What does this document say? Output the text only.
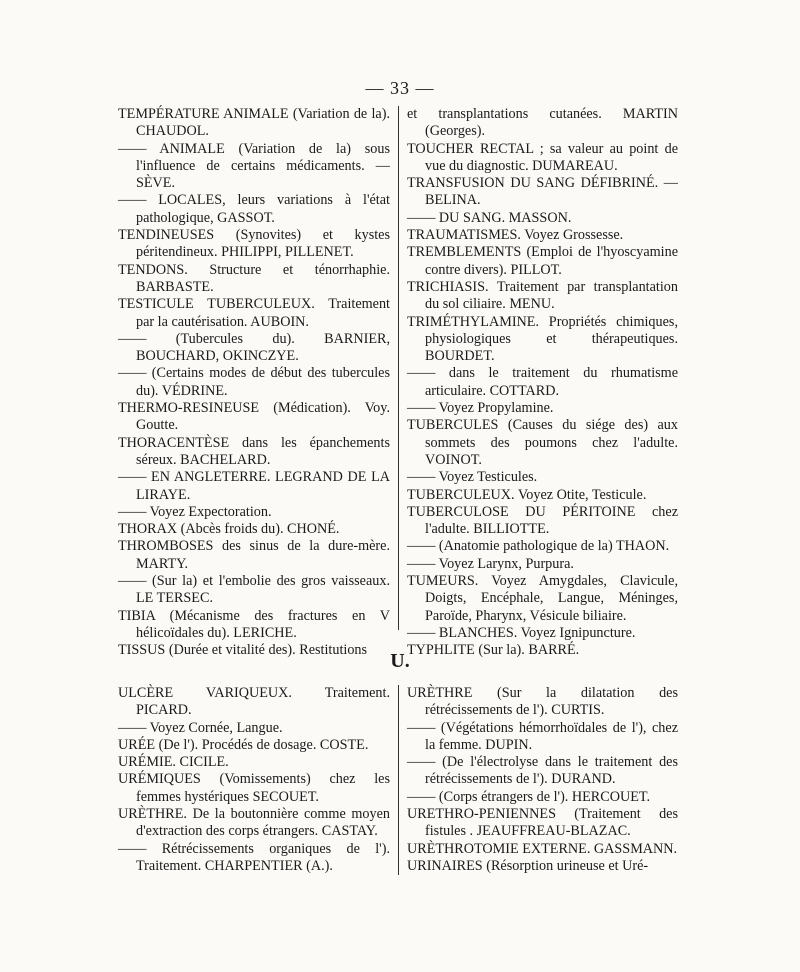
— 33 —

TEMPÉRATURE ANIMALE (Variation de la). CHAUDOL.

—— ANIMALE (Variation de la) sous l'influence de certains médicaments. — SÈVE.

—— LOCALES, leurs variations à l'état pathologique, GASSOT.

TENDINEUSES (Synovites) et kystes péritendineux. PHILIPPI, PILLENET.

TENDONS. Structure et ténorrhaphie. BARBASTE.

TESTICULE TUBERCULEUX. Traitement par la cautérisation. AUBOIN.

—— (Tubercules du). BARNIER, BOUCHARD, OKINCZYE.

—— (Certains modes de début des tubercules du). VÉDRINE.

THERMO-RESINEUSE (Médication). Voy. Goutte.

THORACENTÈSE dans les épanchements séreux. BACHELARD.

—— EN ANGLETERRE. LEGRAND DE LA LIRAYE.

—— Voyez Expectoration.

THORAX (Abcès froids du). CHONÉ.

THROMBOSES des sinus de la dure-mère. MARTY.

—— (Sur la) et l'embolie des gros vaisseaux. LE TERSEC.

TIBIA (Mécanisme des fractures en V hélicoïdales du). LERICHE.

TISSUS (Durée et vitalité des). Restitutions

et transplantations cutanées. MARTIN (Georges).

TOUCHER RECTAL ; sa valeur au point de vue du diagnostic. DUMAREAU.

TRANSFUSION DU SANG DÉFIBRINÉ. — BELINA.

—— DU SANG. MASSON.

TRAUMATISMES. Voyez Grossesse.

TREMBLEMENTS (Emploi de l'hyoscyamine contre divers). PILLOT.

TRICHIASIS. Traitement par transplantation du sol ciliaire. MENU.

TRIMÉTHYLAMINE. Propriétés chimiques, physiologiques et thérapeutiques. BOURDET.

—— dans le traitement du rhumatisme articulaire. COTTARD.

—— Voyez Propylamine.

TUBERCULES (Causes du siége des) aux sommets des poumons chez l'adulte. VOINOT.

—— Voyez Testicules.

TUBERCULEUX. Voyez Otite, Testicule.

TUBERCULOSE DU PÉRITOINE chez l'adulte. BILLIOTTE.

—— (Anatomie pathologique de la) THAON.

—— Voyez Larynx, Purpura.

TUMEURS. Voyez Amygdales, Clavicule, Doigts, Encéphale, Langue, Méninges, Paroïde, Pharynx, Vésicule biliaire.

—— BLANCHES. Voyez Ignipuncture.

TYPHLITE (Sur la). BARRÉ.

U.

ULCÈRE VARIQUEUX. Traitement. PICARD.

—— Voyez Cornée, Langue.

URÉE (De l'). Procédés de dosage. COSTE.

URÉMIE. CICILE.

URÉMIQUES (Vomissements) chez les femmes hystériques SECOUET.

URÈTHRE. De la boutonnière comme moyen d'extraction des corps étrangers. CASTAY.

—— Rétrécissements organiques de l'). Traitement. CHARPENTIER (A.).

URÈTHRE (Sur la dilatation des rétrécissements de l'). CURTIS.

—— (Végétations hémorrhoïdales de l'), chez la femme. DUPIN.

—— (De l'électrolyse dans le traitement des rétrécissements de l'). DURAND.

—— (Corps étrangers de l'). HERCOUET.

URETHRO-PENIENNES (Traitement des fistules . JEAUFFREAU-BLAZAC.

URÈTHROTOMIE EXTERNE. GASSMANN.

URINAIRES (Résorption urineuse et Uré-
